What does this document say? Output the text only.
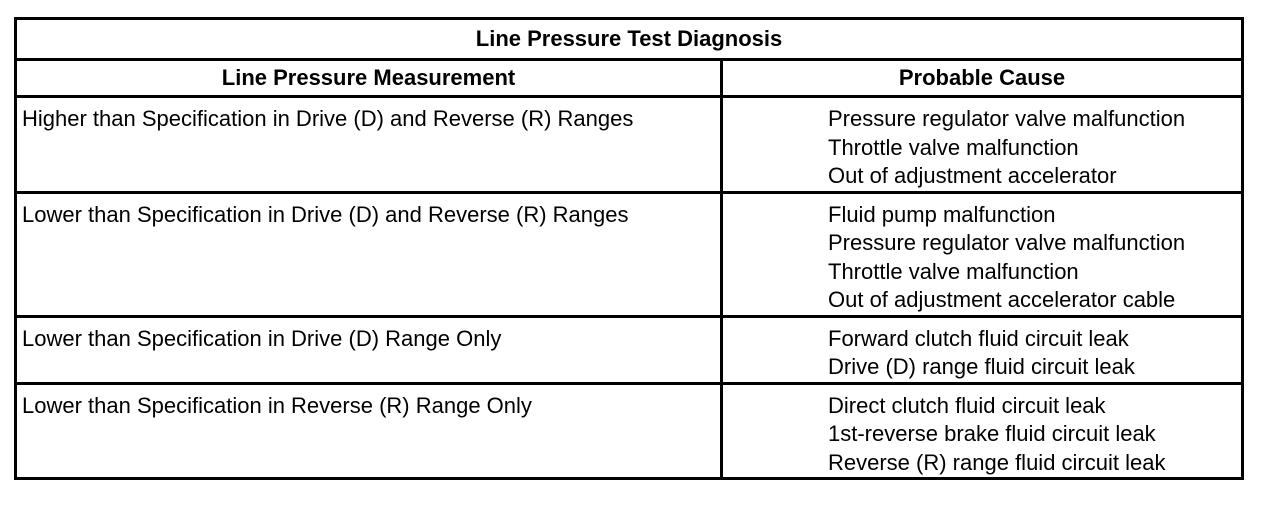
Line Pressure Test Diagnosis	
Line Pressure Measurement	Probable Cause
Higher than Specification in Drive (D) and Reverse (R) Ranges	Pressure regulator valve malfunction
Throttle valve malfunction
Out of adjustment accelerator

Lower than Specification in Drive (D) and Reverse (R) Ranges	Fluid pump malfunction
Pressure regulator valve malfunction
Throttle valve malfunction
Out of adjustment accelerator cable

Lower than Specification in Drive (D) Range Only	Forward clutch fluid circuit leak
Drive (D) range fluid circuit leak

Lower than Specification in Reverse (R) Range Only	Direct clutch fluid circuit leak
1st-reverse brake fluid circuit leak
Reverse (R) range fluid circuit leak
